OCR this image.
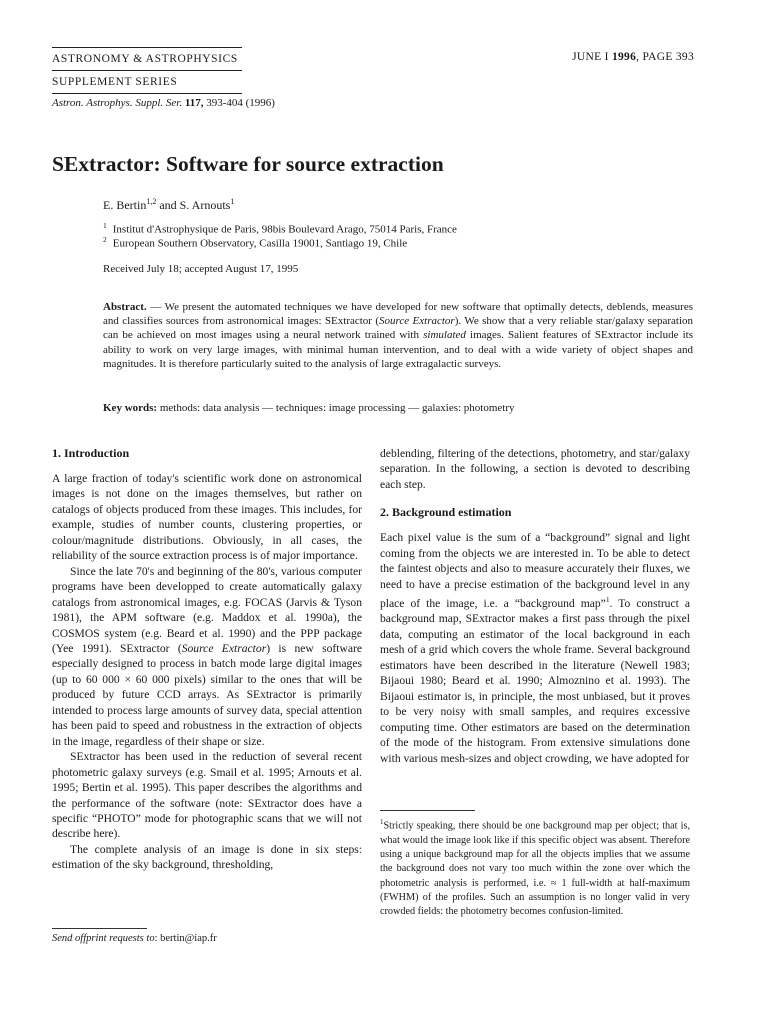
ASTRONOMY & ASTROPHYSICS
SUPPLEMENT SERIES
Astron. Astrophys. Suppl. Ser. 117, 393-404 (1996)
JUNE I 1996, PAGE 393
SExtractor: Software for source extraction
E. Bertin$^{1,2}$ and S. Arnouts$^1$
$^1$ Institut d'Astrophysique de Paris, 98bis Boulevard Arago, 75014 Paris, France
$^2$ European Southern Observatory, Casilla 19001, Santiago 19, Chile
Received July 18; accepted August 17, 1995
Abstract. — We present the automated techniques we have developed for new software that optimally detects, deblends, measures and classifies sources from astronomical images: SExtractor (Source Extractor). We show that a very reliable star/galaxy separation can be achieved on most images using a neural network trained with simulated images. Salient features of SExtractor include its ability to work on very large images, with minimal human intervention, and to deal with a wide variety of object shapes and magnitudes. It is therefore particularly suited to the analysis of large extragalactic surveys.
Key words: methods: data analysis — techniques: image processing — galaxies: photometry
1. Introduction

A large fraction of today's scientific work done on astronomical images is not done on the images themselves, but rather on catalogs of objects produced from these images. This includes, for example, studies of number counts, clustering properties, or colour/magnitude distributions. Obviously, in all cases, the reliability of the source extraction process is of major importance.

Since the late 70's and beginning of the 80's, various computer programs have been developped to create automatically galaxy catalogs from astronomical images, e.g. FOCAS (Jarvis & Tyson 1981), the APM software (e.g. Maddox et al. 1990a), the COSMOS system (e.g. Beard et al. 1990) and the PPP package (Yee 1991). SExtractor (Source Extractor) is new software especially designed to process in batch mode large digital images (up to 60 000 × 60 000 pixels) similar to the ones that will be produced by future CCD arrays. As SExtractor is primarily intended to process large amounts of survey data, special attention has been paid to speed and robustness in the extraction of objects in the image, regardless of their shape or size.

SExtractor has been used in the reduction of several recent photometric galaxy surveys (e.g. Smail et al. 1995; Arnouts et al. 1995; Bertin et al. 1995). This paper describes the algorithms and the performance of the software (note: SExtractor does have a specific “PHOTO” mode for photographic scans that we will not describe here).

The complete analysis of an image is done in six steps: estimation of the sky background, thresholding,

deblending, filtering of the detections, photometry, and star/galaxy separation. In the following, a section is devoted to describing each step.

2. Background estimation

Each pixel value is the sum of a “background” signal and light coming from the objects we are interested in. To be able to detect the faintest objects and also to measure accurately their fluxes, we need to have a precise estimation of the background level in any place of the image, i.e. a “background map”$^1$. To construct a background map, SExtractor makes a first pass through the pixel data, computing an estimator of the local background in each mesh of a grid which covers the whole frame. Several background estimators have been described in the literature (Newell 1983; Bijaoui 1980; Beard et al. 1990; Almoznino et al. 1993). The Bijaoui estimator is, in principle, the most unbiased, but it proves to be very noisy with small samples, and requires excessive computing time. Other estimators are based on the determination of the mode of the histogram. From extensive simulations done with various mesh-sizes and object crowding, we have adopted for

$^1$Strictly speaking, there should be one background map per object; that is, what would the image look like if this specific object was absent. Therefore using a unique background map for all the objects implies that we assume the background does not vary too much within the zone over which the photometric analysis is performed, i.e. ≈ 1 full-width at half-maximum (FWHM) of the profiles. Such an assumption is no longer valid in very crowded fields: the photometry becomes confusion-limited.
Send offprint requests to: bertin@iap.fr
